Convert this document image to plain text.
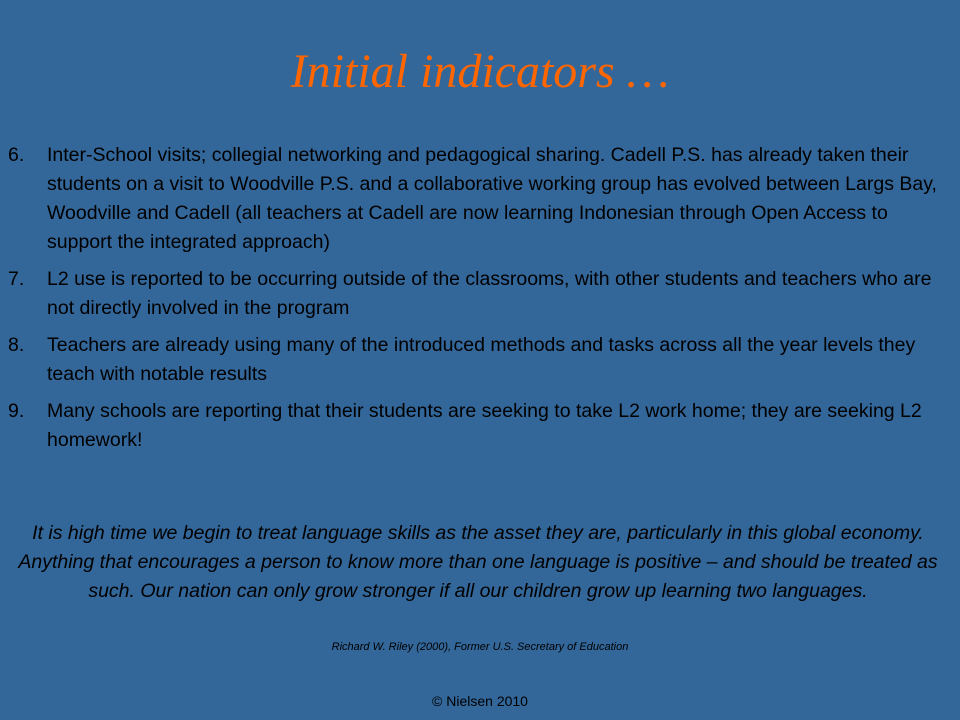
Initial indicators …
6. Inter-School visits; collegial networking and pedagogical sharing. Cadell P.S. has already taken their students on a visit to Woodville P.S. and a collaborative working group has evolved between Largs Bay, Woodville and Cadell (all teachers at Cadell are now learning Indonesian through Open Access to support the integrated approach)
7. L2 use is reported to be occurring outside of the classrooms, with other students and teachers who are not directly involved in the program
8. Teachers are already using many of the introduced methods and tasks across all the year levels they teach with notable results
9. Many schools are reporting that their students are seeking to take L2 work home; they are seeking L2 homework!

It is high time we begin to treat language skills as the asset they are, particularly in this global economy. Anything that encourages a person to know more than one language is positive – and should be treated as such. Our nation can only grow stronger if all our children grow up learning two languages.

Richard W. Riley (2000), Former U.S. Secretary of Education
© Nielsen 2010
